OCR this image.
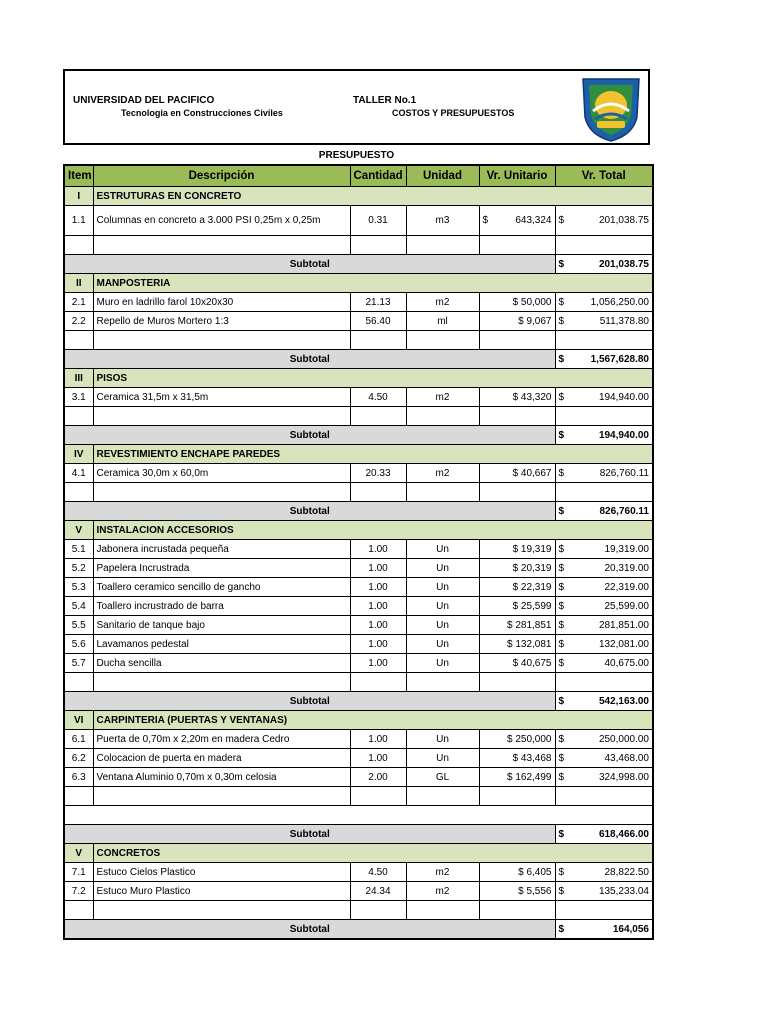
UNIVERSIDAD DEL PACIFICO
Tecnologia en Construcciones Civiles
TALLER No.1
COSTOS Y PRESUPUESTOS
PRESUPUESTO
Item	Descripción	Cantidad	Unidad	Vr. Unitario	Vr. Total
I	ESTRUTURAS EN CONCRETO				
1.1	Columnas en concreto a 3.000 PSI 0,25m x 0,25m	0.31	m3	$ 643,324	$ 201,038.75

Subtotal					$ 201,038.75

II	MANPOSTERIA				
2.1	Muro en ladrillo farol 10x20x30	21.13	m2	$ 50,000	$ 1,056,250.00

2.2	Repello de Muros Mortero 1:3	56.40	ml	$ 9,067	$ 511,378.80

Subtotal					$ 1,567,628.80

III	PISOS				
3.1	Ceramica 31,5m x 31,5m	4.50	m2	$ 43,320	$ 194,940.00

Subtotal					$ 194,940.00

IV	REVESTIMIENTO ENCHAPE PAREDES				
4.1	Ceramica 30,0m x 60,0m	20.33	m2	$ 40,667	$ 826,760.11

Subtotal					$ 826,760.11

V	INSTALACION ACCESORIOS				
5.1	Jabonera incrustada pequeña	1.00	Un	$ 19,319	$ 19,319.00

5.2	Papelera Incrustrada	1.00	Un	$ 20,319	$ 20,319.00

5.3	Toallero ceramico sencillo de gancho	1.00	Un	$ 22,319	$ 22,319.00

5.4	Toallero incrustrado de barra	1.00	Un	$ 25,599	$ 25,599.00

5.5	Sanitario de tanque bajo	1.00	Un	$ 281,851	$ 281,851.00

5.6	Lavamanos pedestal	1.00	Un	$ 132,081	$ 132,081.00

5.7	Ducha sencilla	1.00	Un	$ 40,675	$ 40,675.00

Subtotal					$ 542,163.00

VI	CARPINTERIA (PUERTAS Y VENTANAS)				
6.1	Puerta de 0,70m x 2,20m en madera Cedro	1.00	Un	$ 250,000	$ 250,000.00

6.2	Colocacion de puerta en madera	1.00	Un	$ 43,468	$ 43,468.00

6.3	Ventana Aluminio 0,70m x 0,30m celosia	2.00	GL	$ 162,499	$ 324,998.00

Subtotal					$ 618,466.00

V	CONCRETOS				
7.1	Estuco Cielos Plastico	4.50	m2	$ 6,405	$ 28,822.50

7.2	Estuco Muro Plastico	24.34	m2	$ 5,556	$ 135,233.04

Subtotal					$ 164,056
